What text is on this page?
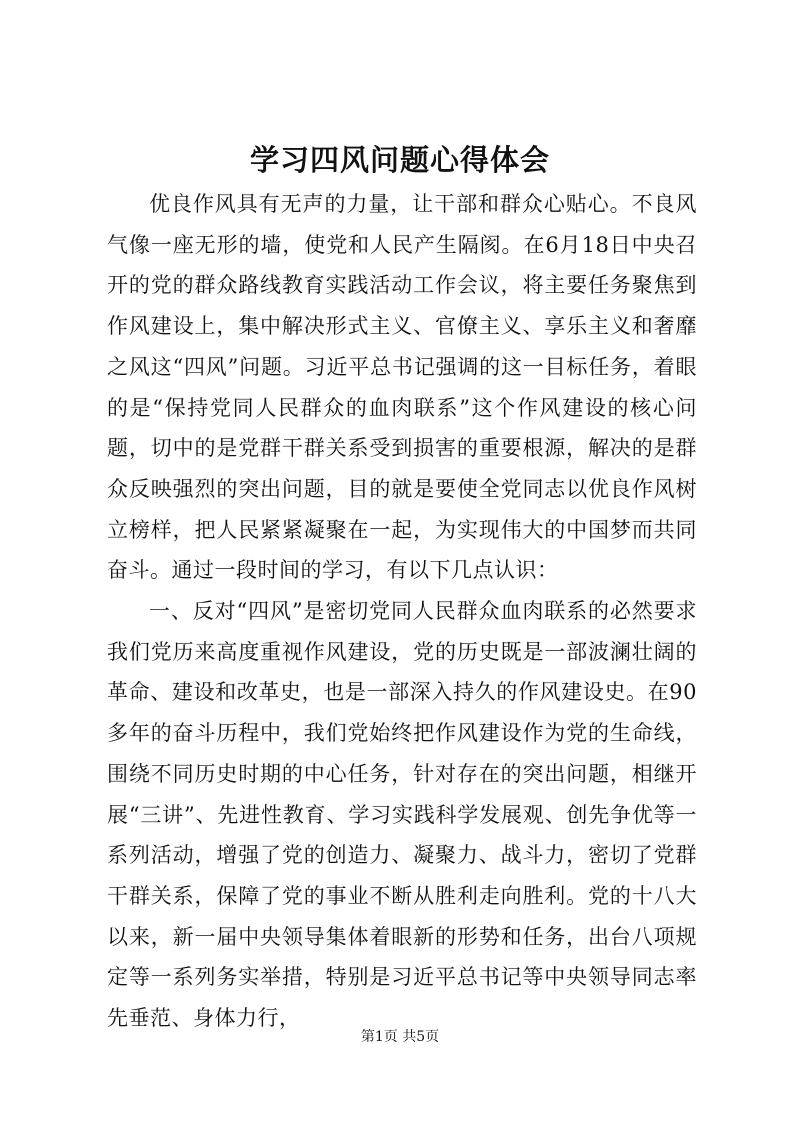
学习四风问题心得体会

优良作风具有无声的力量，让干部和群众心贴心。不良风气像一座无形的墙，使党和人民产生隔阂。在6月18日中央召开的党的群众路线教育实践活动工作会议，将主要任务聚焦到作风建设上，集中解决形式主义、官僚主义、享乐主义和奢靡之风这“四风”问题。习近平总书记强调的这一目标任务，着眼的是“保持党同人民群众的血肉联系”这个作风建设的核心问题，切中的是党群干群关系受到损害的重要根源，解决的是群众反映强烈的突出问题，目的就是要使全党同志以优良作风树立榜样，把人民紧紧凝聚在一起，为实现伟大的中国梦而共同奋斗。通过一段时间的学习，有以下几点认识：

一、反对“四风”是密切党同人民群众血肉联系的必然要求我们党历来高度重视作风建设，党的历史既是一部波澜壮阔的革命、建设和改革史，也是一部深入持久的作风建设史。在90多年的奋斗历程中，我们党始终把作风建设作为党的生命线，围绕不同历史时期的中心任务，针对存在的突出问题，相继开展“三讲”、先进性教育、学习实践科学发展观、创先争优等一系列活动，增强了党的创造力、凝聚力、战斗力，密切了党群干群关系，保障了党的事业不断从胜利走向胜利。党的十八大以来，新一届中央领导集体着眼新的形势和任务，出台八项规定等一系列务实举措，特别是习近平总书记等中央领导同志率先垂范、身体力行，

第1页 共5页
